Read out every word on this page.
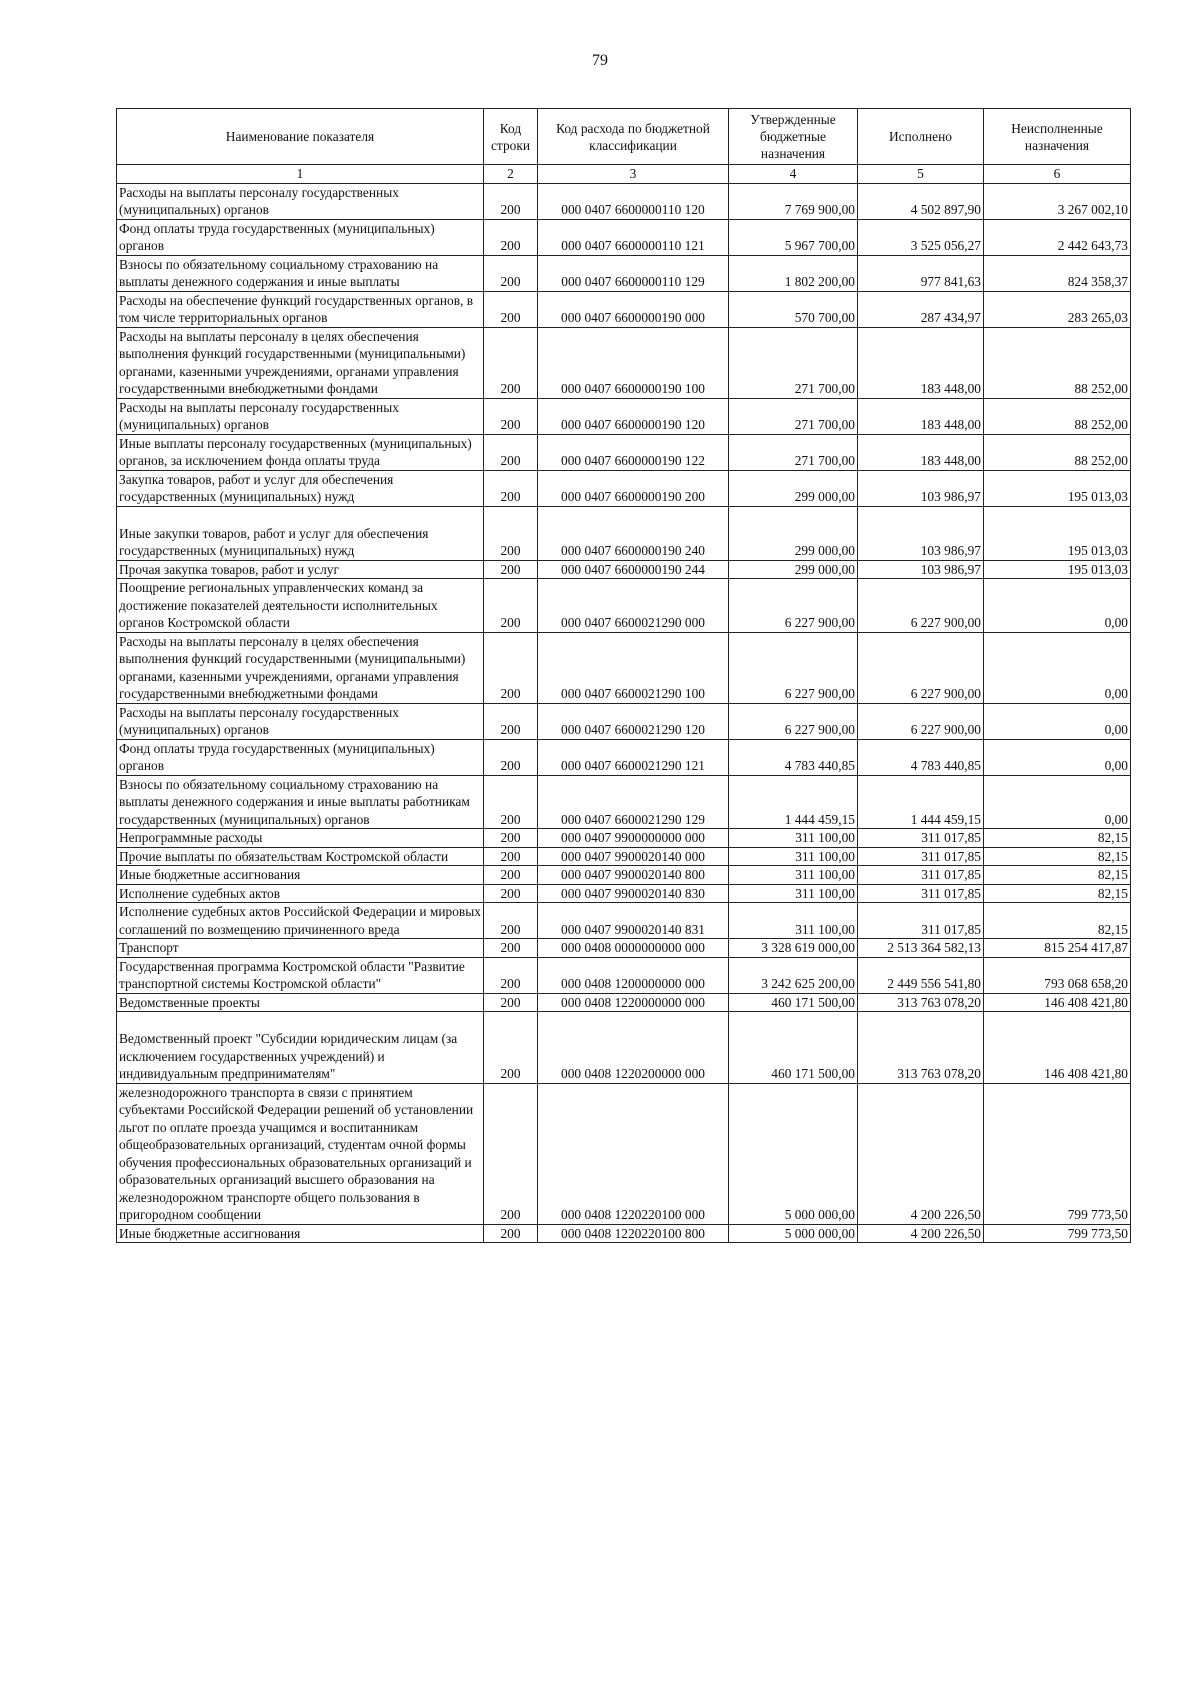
79
Наименование показателя	Код строки	Код расхода по бюджетной классификации	Утвержденные бюджетные назначения	Исполнено	Неисполненные назначения
1	2	3	4	5	6
Расходы на выплаты персоналу государственных (муниципальных) органов	200	000 0407 6600000110 120	7 769 900,00	4 502 897,90	3 267 002,10
Фонд оплаты труда государственных (муниципальных) органов	200	000 0407 6600000110 121	5 967 700,00	3 525 056,27	2 442 643,73
Взносы по обязательному социальному страхованию на выплаты денежного содержания и иные выплаты	200	000 0407 6600000110 129	1 802 200,00	977 841,63	824 358,37
Расходы на обеспечение функций государственных органов, в том числе территориальных органов	200	000 0407 6600000190 000	570 700,00	287 434,97	283 265,03
Расходы на выплаты персоналу в целях обеспечения выполнения функций государственными (муниципальными) органами, казенными учреждениями, органами управления государственными внебюджетными фондами	200	000 0407 6600000190 100	271 700,00	183 448,00	88 252,00
Расходы на выплаты персоналу государственных (муниципальных) органов	200	000 0407 6600000190 120	271 700,00	183 448,00	88 252,00
Иные выплаты персоналу государственных (муниципальных) органов, за исключением фонда оплаты труда	200	000 0407 6600000190 122	271 700,00	183 448,00	88 252,00
Закупка товаров, работ и услуг для обеспечения государственных (муниципальных) нужд	200	000 0407 6600000190 200	299 000,00	103 986,97	195 013,03
Иные закупки товаров, работ и услуг для обеспечения государственных (муниципальных) нужд	200	000 0407 6600000190 240	299 000,00	103 986,97	195 013,03
Прочая закупка товаров, работ и услуг	200	000 0407 6600000190 244	299 000,00	103 986,97	195 013,03
Поощрение региональных управленческих команд за достижение показателей деятельности исполнительных органов Костромской области	200	000 0407 6600021290 000	6 227 900,00	6 227 900,00	0,00
Расходы на выплаты персоналу в целях обеспечения выполнения функций государственными (муниципальными) органами, казенными учреждениями, органами управления государственными внебюджетными фондами	200	000 0407 6600021290 100	6 227 900,00	6 227 900,00	0,00
Расходы на выплаты персоналу государственных (муниципальных) органов	200	000 0407 6600021290 120	6 227 900,00	6 227 900,00	0,00
Фонд оплаты труда государственных (муниципальных) органов	200	000 0407 6600021290 121	4 783 440,85	4 783 440,85	0,00
Взносы по обязательному социальному страхованию на выплаты денежного содержания и иные выплаты работникам государственных (муниципальных) органов	200	000 0407 6600021290 129	1 444 459,15	1 444 459,15	0,00
Непрограммные расходы	200	000 0407 9900000000 000	311 100,00	311 017,85	82,15
Прочие выплаты по обязательствам Костромской области	200	000 0407 9900020140 000	311 100,00	311 017,85	82,15
Иные бюджетные ассигнования	200	000 0407 9900020140 800	311 100,00	311 017,85	82,15
Исполнение судебных актов	200	000 0407 9900020140 830	311 100,00	311 017,85	82,15
Исполнение судебных актов Российской Федерации и мировых соглашений по возмещению причиненного вреда	200	000 0407 9900020140 831	311 100,00	311 017,85	82,15
Транспорт	200	000 0408 0000000000 000	3 328 619 000,00	2 513 364 582,13	815 254 417,87
Государственная программа Костромской области "Развитие транспортной системы Костромской области"	200	000 0408 1200000000 000	3 242 625 200,00	2 449 556 541,80	793 068 658,20
Ведомственные проекты	200	000 0408 1220000000 000	460 171 500,00	313 763 078,20	146 408 421,80
Ведомственный проект "Субсидии юридическим лицам (за исключением государственных учреждений) и индивидуальным предпринимателям"	200	000 0408 1220200000 000	460 171 500,00	313 763 078,20	146 408 421,80
железнодорожного транспорта в связи с принятием субъектами Российской Федерации решений об установлении льгот по оплате проезда учащимся и воспитанникам общеобразовательных организаций, студентам очной формы обучения профессиональных образовательных организаций и образовательных организаций высшего образования на железнодорожном транспорте общего пользования в пригородном сообщении	200	000 0408 1220220100 000	5 000 000,00	4 200 226,50	799 773,50
Иные бюджетные ассигнования	200	000 0408 1220220100 800	5 000 000,00	4 200 226,50	799 773,50
